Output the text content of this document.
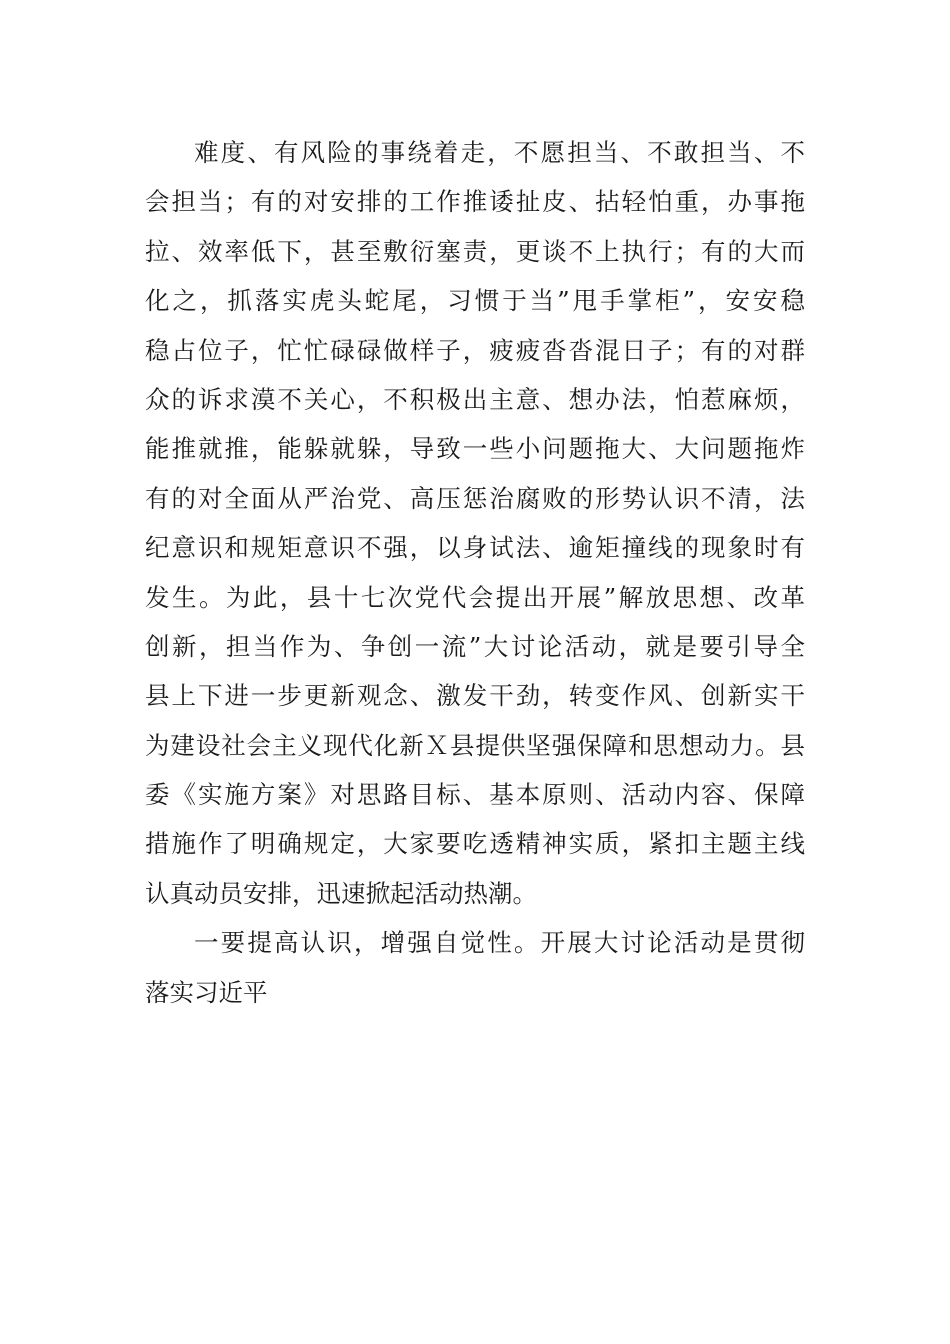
难度、有风险的事绕着走，不愿担当、不敢担当、不
会担当；有的对安排的工作推诿扯皮、拈轻怕重，办事拖
拉、效率低下，甚至敷衍塞责，更谈不上执行；有的大而
化之，抓落实虎头蛇尾，习惯于当”甩手掌柜”，安安稳
稳占位子，忙忙碌碌做样子，疲疲沓沓混日子；有的对群
众的诉求漠不关心，不积极出主意、想办法，怕惹麻烦，
能推就推，能躲就躲，导致一些小问题拖大、大问题拖炸
有的对全面从严治党、高压惩治腐败的形势认识不清，法
纪意识和规矩意识不强，以身试法、逾矩撞线的现象时有
发生。为此，县十七次党代会提出开展”解放思想、改革
创新，担当作为、争创一流”大讨论活动，就是要引导全
县上下进一步更新观念、激发干劲，转变作风、创新实干
为建设社会主义现代化新Ｘ县提供坚强保障和思想动力。县
委《实施方案》对思路目标、基本原则、活动内容、保障
措施作了明确规定，大家要吃透精神实质，紧扣主题主线
认真动员安排，迅速掀起活动热潮。
一要提高认识，增强自觉性。开展大讨论活动是贯彻
落实习近平
